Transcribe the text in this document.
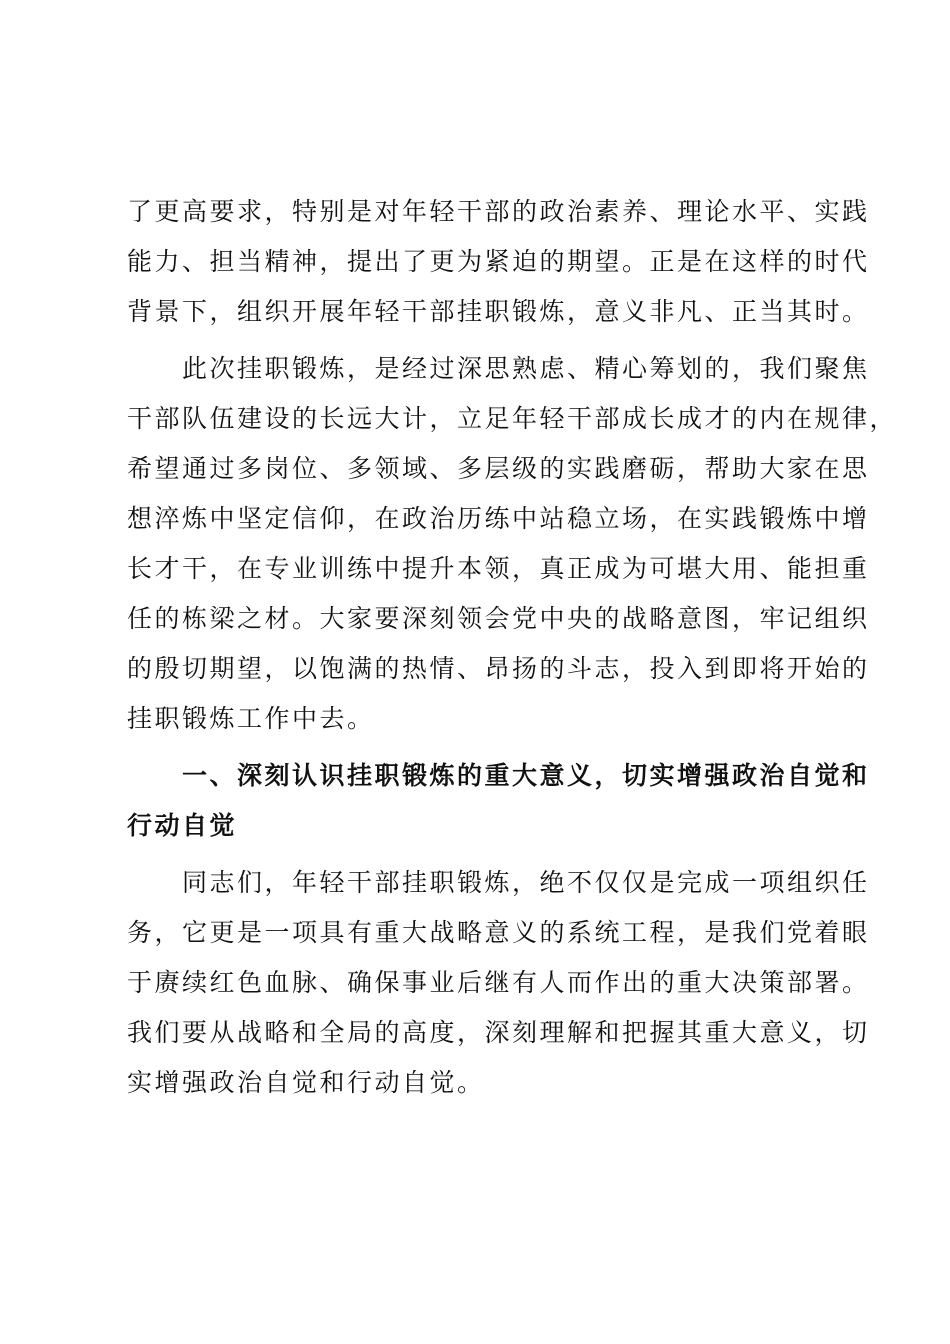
了更高要求，特别是对年轻干部的政治素养、理论水平、实践
能力、担当精神，提出了更为紧迫的期望。正是在这样的时代
背景下，组织开展年轻干部挂职锻炼，意义非凡、正当其时。
　　此次挂职锻炼，是经过深思熟虑、精心筹划的，我们聚焦
干部队伍建设的长远大计，立足年轻干部成长成才的内在规律，
希望通过多岗位、多领域、多层级的实践磨砺，帮助大家在思
想淬炼中坚定信仰，在政治历练中站稳立场，在实践锻炼中增
长才干，在专业训练中提升本领，真正成为可堪大用、能担重
任的栋梁之材。大家要深刻领会党中央的战略意图，牢记组织
的殷切期望，以饱满的热情、昂扬的斗志，投入到即将开始的
挂职锻炼工作中去。
　　一、深刻认识挂职锻炼的重大意义，切实增强政治自觉和
行动自觉
　　同志们，年轻干部挂职锻炼，绝不仅仅是完成一项组织任
务，它更是一项具有重大战略意义的系统工程，是我们党着眼
于赓续红色血脉、确保事业后继有人而作出的重大决策部署。
我们要从战略和全局的高度，深刻理解和把握其重大意义，切
实增强政治自觉和行动自觉。
